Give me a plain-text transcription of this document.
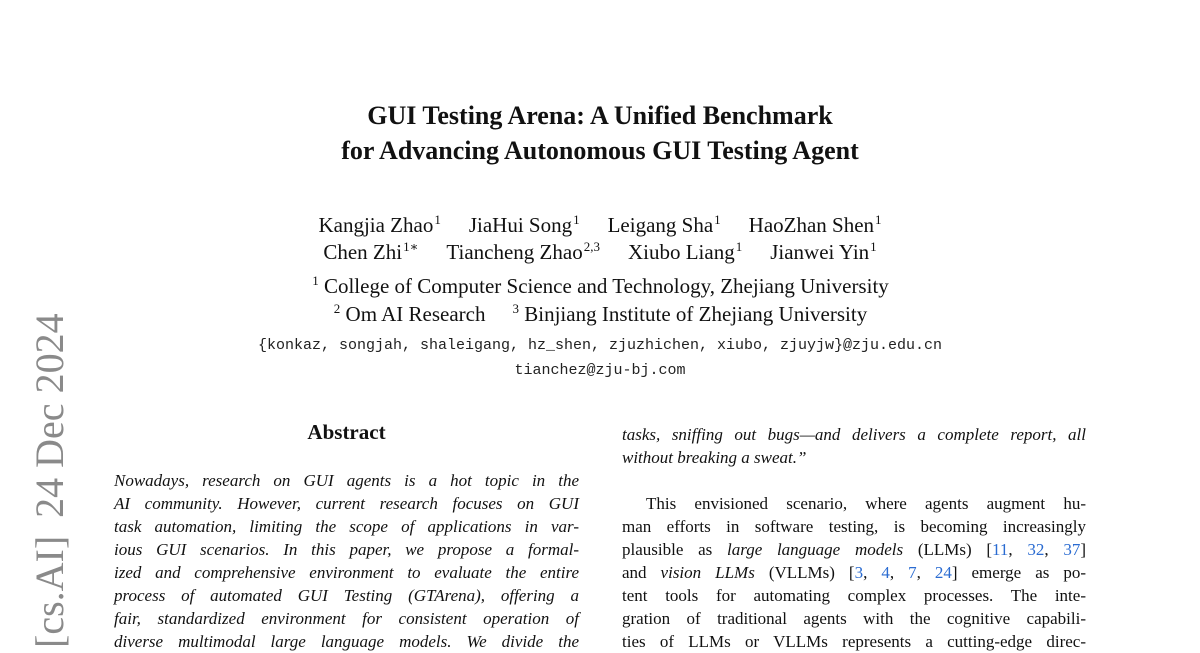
[cs.AI]24 Dec 2024
GUI Testing Arena: A Unified Benchmark
for Advancing Autonomous GUI Testing Agent
Kangjia Zhao$^1$ JiaHui Song$^1$ Leigang Sha$^1$ HaoZhan Shen$^1$
Chen Zhi$^{1∗}$ Tiancheng Zhao$^{2,3}$ Xiubo Liang$^1$ Jianwei Yin$^1$
$^1$ College of Computer Science and Technology, Zhejiang University
$^2$ Om AI Research $^3$ Binjiang Institute of Zhejiang University
{konkaz, songjah, shaleigang, hz_shen, zjuzhichen, xiubo, zjuyjw}@zju.edu.cn
tianchez@zju-bj.com
Abstract
Nowadays, research on GUI agents is a hot topic in the
AI community. However, current research focuses on GUI
task automation, limiting the scope of applications in var-
ious GUI scenarios. In this paper, we propose a formal-
ized and comprehensive environment to evaluate the entire
process of automated GUI Testing (GTArena), offering a
fair, standardized environment for consistent operation of
diverse multimodal large language models. We divide the
tasks, sniffing out bugs—and delivers a complete report, all
without breaking a sweat.”
This envisioned scenario, where agents augment hu-
man efforts in software testing, is becoming increasingly
plausible as large language models (LLMs) [11, 32, 37]
and vision LLMs (VLLMs) [3, 4, 7, 24] emerge as po-
tent tools for automating complex processes. The inte-
gration of traditional agents with the cognitive capabili-
ties of LLMs or VLLMs represents a cutting-edge direc-
